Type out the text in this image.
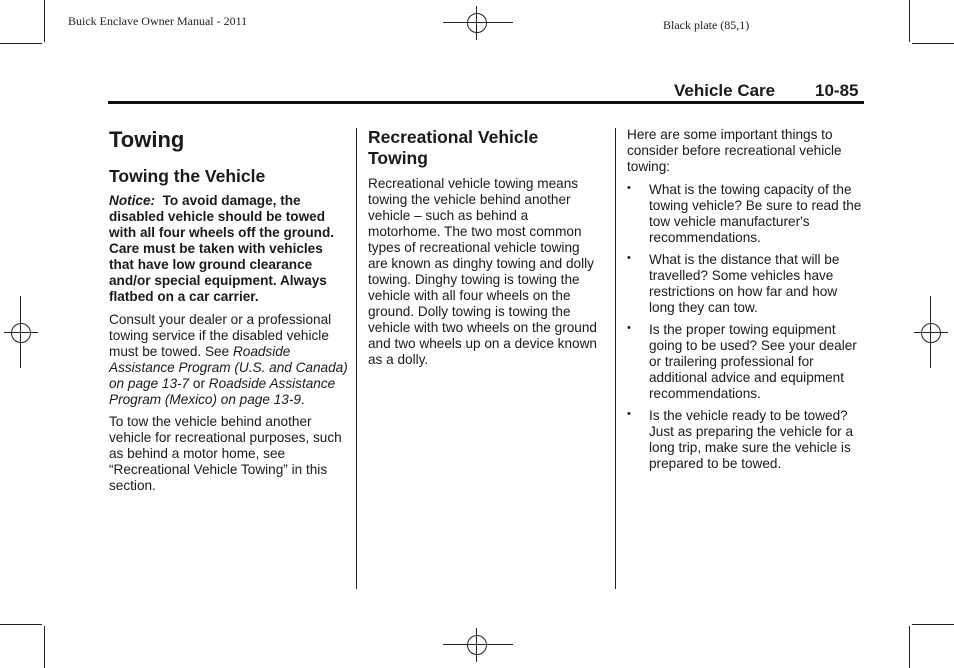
Buick Enclave Owner Manual - 2011	Black plate (85,1)
Vehicle Care 10-85
Towing
Towing the Vehicle

Notice: To avoid damage, the disabled vehicle should be towed with all four wheels off the ground. Care must be taken with vehicles that have low ground clearance and/or special equipment. Always flatbed on a car carrier.

Consult your dealer or a professional towing service if the disabled vehicle must be towed. See Roadside Assistance Program (U.S. and Canada) on page 13-7 or Roadside Assistance Program (Mexico) on page 13-9.

To tow the vehicle behind another vehicle for recreational purposes, such as behind a motor home, see “Recreational Vehicle Towing” in this section.

Recreational Vehicle Towing

Recreational vehicle towing means towing the vehicle behind another vehicle – such as behind a motorhome. The two most common types of recreational vehicle towing are known as dinghy towing and dolly towing. Dinghy towing is towing the vehicle with all four wheels on the ground. Dolly towing is towing the vehicle with two wheels on the ground and two wheels up on a device known as a dolly.

Here are some important things to consider before recreational vehicle towing:

• What is the towing capacity of the towing vehicle? Be sure to read the tow vehicle manufacturer's recommendations.
• What is the distance that will be travelled? Some vehicles have restrictions on how far and how long they can tow.
• Is the proper towing equipment going to be used? See your dealer or trailering professional for additional advice and equipment recommendations.
• Is the vehicle ready to be towed? Just as preparing the vehicle for a long trip, make sure the vehicle is prepared to be towed.
